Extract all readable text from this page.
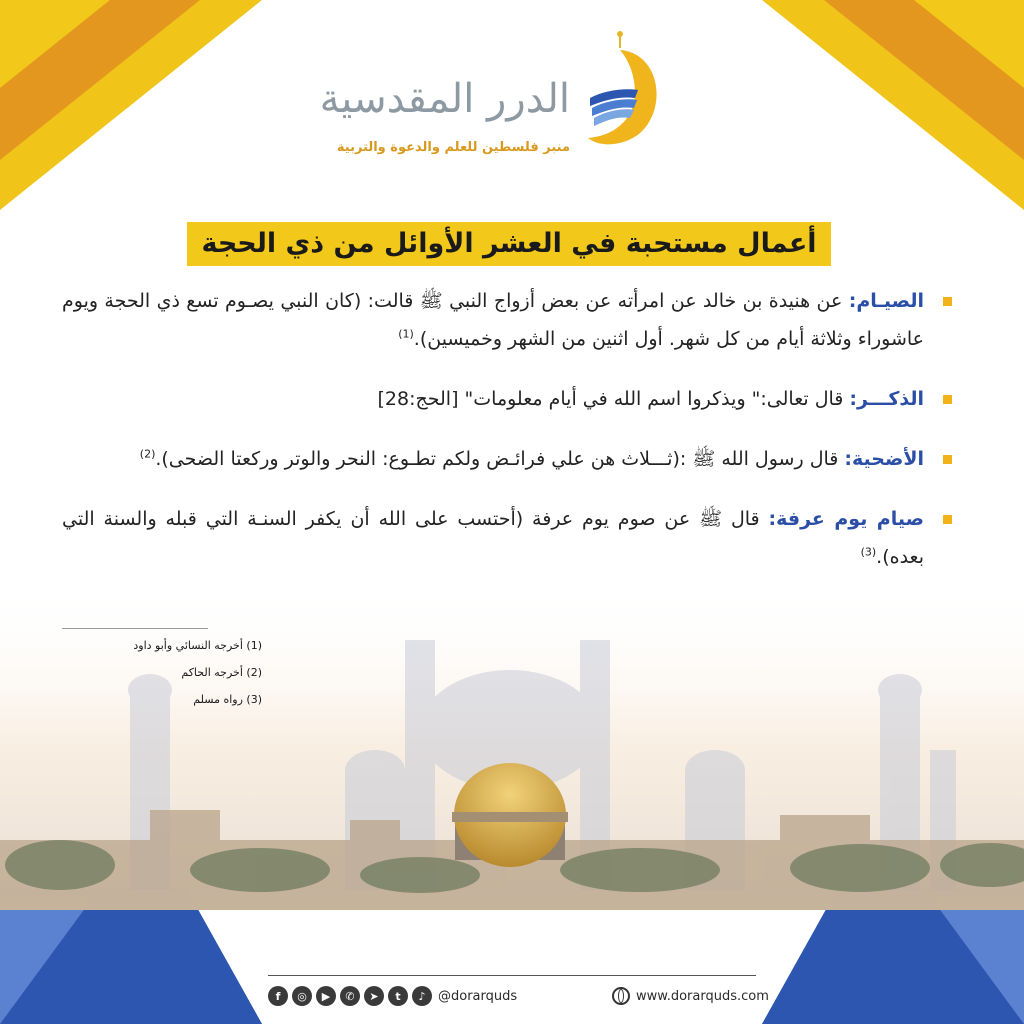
الدرر المقدسية
منبر فلسطين للعلم والدعوة والتربية
أعمال مستحبة في العشر الأوائل من ذي الحجة
الصيـام: عن هنيدة بن خالد عن امرأته عن بعض أزواج النبي ﷺ قالت: (كان النبي يصـوم تسع ذي الحجة ويوم عاشوراء وثلاثة أيام من كل شهر. أول اثنين من الشهر وخميسين).$^{(1)}$
الذكـــر: قال تعالى:" ويذكروا اسم الله في أيام معلومات" [الحج:28]
الأضحية: قال رسول الله ﷺ :(ثـــلاث هن علي فرائـض ولكم تطـوع: النحر والوتر وركعتا الضحى).$^{(2)}$
صيام يوم عرفة: قال ﷺ عن صوم يوم عرفة (أحتسب على الله أن يكفر السنـة التي قبله والسنة التي بعده).$^{(3)}$
(1) أخرجه النسائي وأبو داود
(2) أخرجه الحاكم
(3) رواه مسلم
f	◎	▶	✆	➤	t	♪ @dorarquds	www.dorarquds.com
